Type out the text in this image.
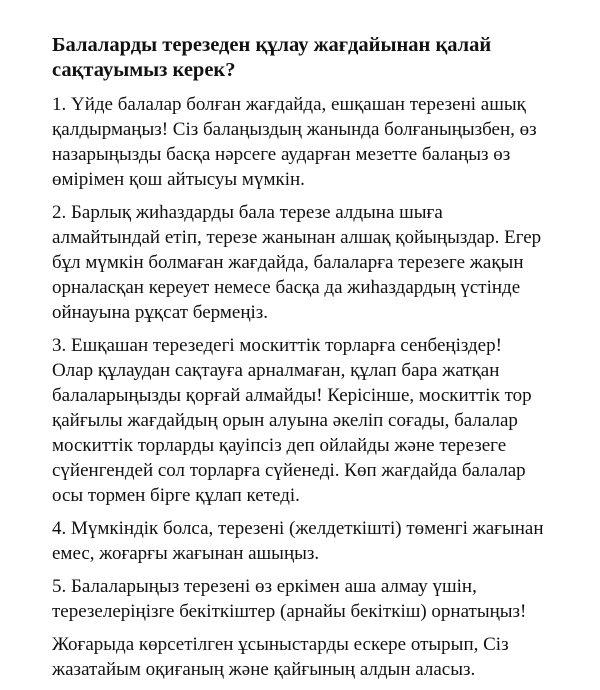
Балаларды терезеден құлау жағдайынан қалай
сақтауымыз керек?
1. Үйде балалар болған жағдайда, ешқашан терезені ашық
қалдырмаңыз! Сіз балаңыздың жанында болғаныңызбен, өз
назарыңызды басқа нәрсеге аударған мезетте балаңыз өз
өмірімен қош айтысуы мүмкін.
2. Барлық жиһаздарды бала терезе алдына шыға
алмайтындай етіп, терезе жанынан алшақ қойыңыздар. Егер
бұл мүмкін болмаған жағдайда, балаларға терезеге жақын
орналасқан кереует немесе басқа да жиһаздардың үстінде
ойнауына рұқсат бермеңіз.
3. Ешқашан терезедегі москиттік торларға сенбеңіздер!
Олар құлаудан сақтауға арналмаған, құлап бара жатқан
балаларыңызды қорғай алмайды! Керісінше, москиттік тор
қайғылы жағдайдың орын алуына әкеліп соғады, балалар
москиттік торларды қауіпсіз деп ойлайды және терезеге
сүйенгендей сол торларға сүйенеді. Көп жағдайда балалар
осы тормен бірге құлап кетеді.
4. Мүмкіндік болса, терезені (желдеткішті) төменгі жағынан
емес, жоғарғы жағынан ашыңыз.
5. Балаларыңыз терезені өз еркімен аша алмау үшін,
терезелеріңізге бекіткіштер (арнайы бекіткіш) орнатыңыз!
Жоғарыда көрсетілген ұсыныстарды ескере отырып, Сіз
жазатайым оқиғаның және қайғының алдын аласыз.
